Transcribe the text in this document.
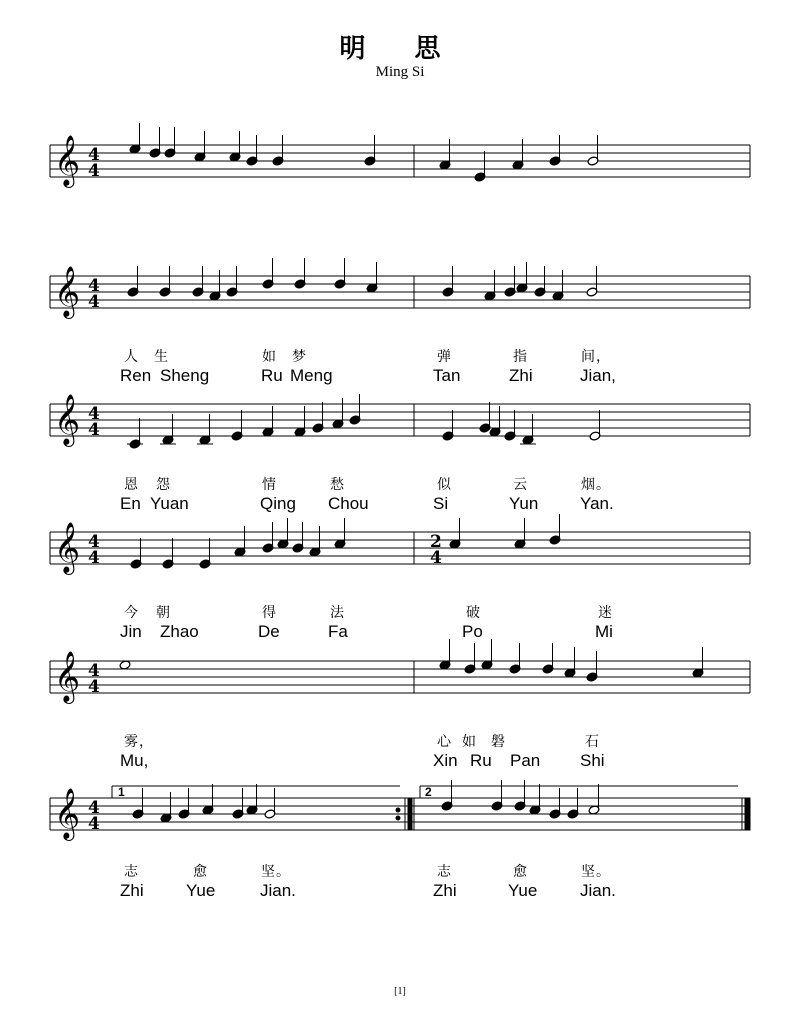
明 思
Ming Si
𝄞
𝄞
𝄞
𝄞
𝄞
𝄞
4
4
4
4
4
4
4
4
2
4
4
4
4
4
1	2
人 生	如 梦	弹	指	间，
Ren Sheng	Ru Meng	Tan	Zhi	Jian,
恩 怨	情	愁	似	云	烟。
En Yuan	Qing Chou	Si	Yun Yan.
今 朝	得	法	破	迷
Jin Zhao	De	Fa	Po	Mi
雾，	心 如 磐	石
Mu,	Xin Ru Pan Shi
志	愈	坚。	志	愈	坚。
Zhi Yue	Jian.	Zhi	Yue	Jian.
[1]
